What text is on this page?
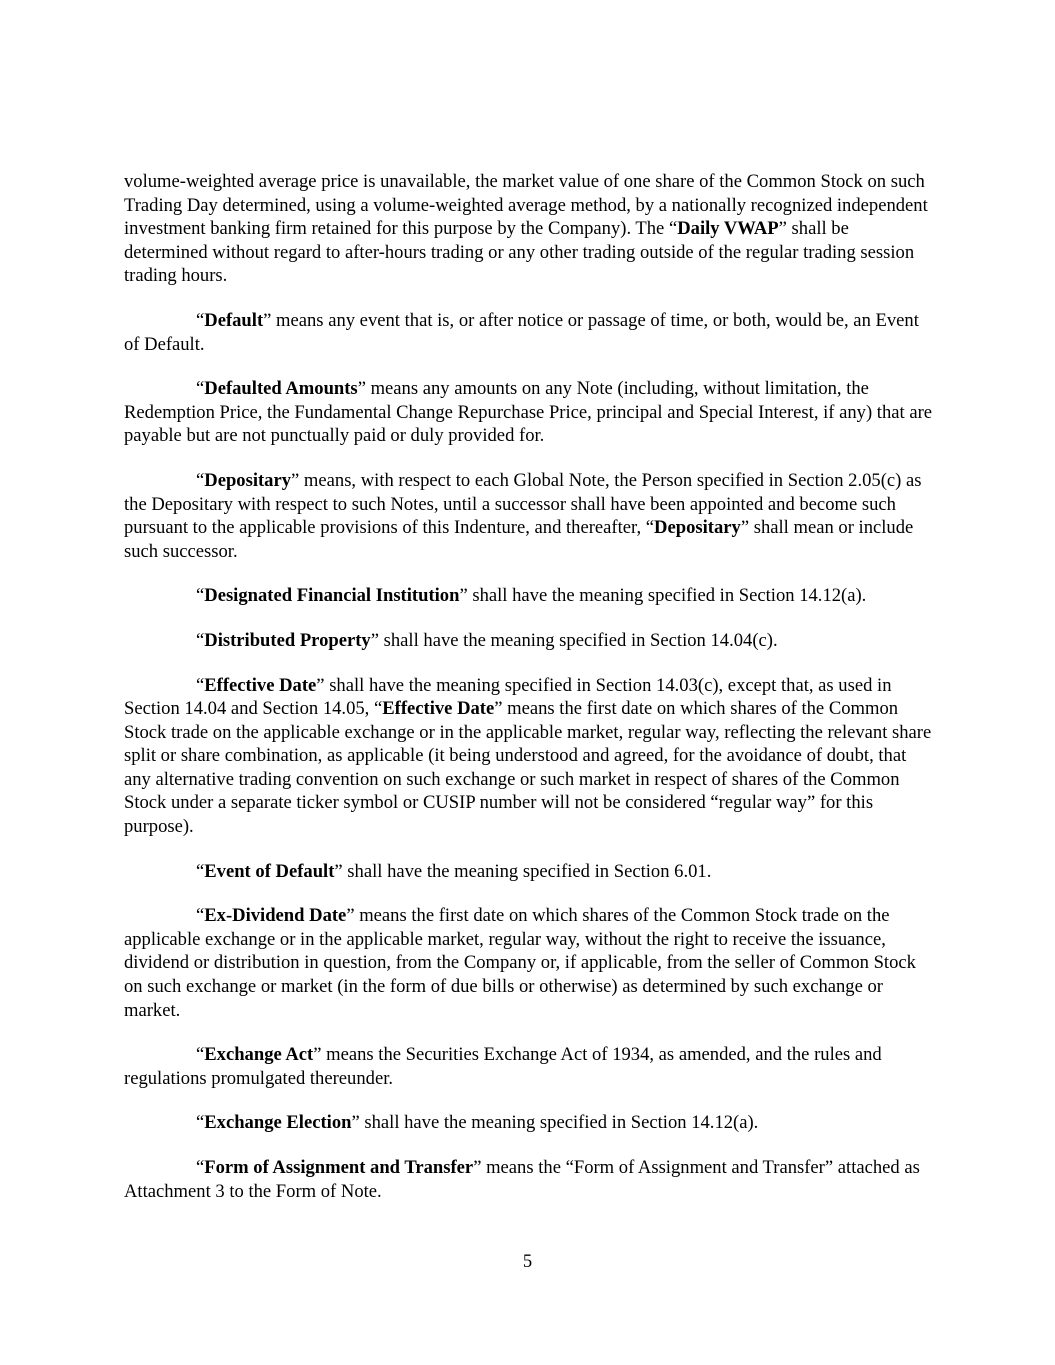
volume-weighted average price is unavailable, the market value of one share of the Common Stock on such Trading Day determined, using a volume-weighted average method, by a nationally recognized independent investment banking firm retained for this purpose by the Company). The “Daily VWAP” shall be determined without regard to after-hours trading or any other trading outside of the regular trading session trading hours.

“Default” means any event that is, or after notice or passage of time, or both, would be, an Event of Default.

“Defaulted Amounts” means any amounts on any Note (including, without limitation, the Redemption Price, the Fundamental Change Repurchase Price, principal and Special Interest, if any) that are payable but are not punctually paid or duly provided for.

“Depositary” means, with respect to each Global Note, the Person specified in Section 2.05(c) as the Depositary with respect to such Notes, until a successor shall have been appointed and become such pursuant to the applicable provisions of this Indenture, and thereafter, “Depositary” shall mean or include such successor.

“Designated Financial Institution” shall have the meaning specified in Section 14.12(a).

“Distributed Property” shall have the meaning specified in Section 14.04(c).

“Effective Date” shall have the meaning specified in Section 14.03(c), except that, as used in Section 14.04 and Section 14.05, “Effective Date” means the first date on which shares of the Common Stock trade on the applicable exchange or in the applicable market, regular way, reflecting the relevant share split or share combination, as applicable (it being understood and agreed, for the avoidance of doubt, that any alternative trading convention on such exchange or such market in respect of shares of the Common Stock under a separate ticker symbol or CUSIP number will not be considered “regular way” for this purpose).

“Event of Default” shall have the meaning specified in Section 6.01.

“Ex-Dividend Date” means the first date on which shares of the Common Stock trade on the applicable exchange or in the applicable market, regular way, without the right to receive the issuance, dividend or distribution in question, from the Company or, if applicable, from the seller of Common Stock on such exchange or market (in the form of due bills or otherwise) as determined by such exchange or market.

“Exchange Act” means the Securities Exchange Act of 1934, as amended, and the rules and regulations promulgated thereunder.

“Exchange Election” shall have the meaning specified in Section 14.12(a).

“Form of Assignment and Transfer” means the “Form of Assignment and Transfer” attached as Attachment 3 to the Form of Note.

5
